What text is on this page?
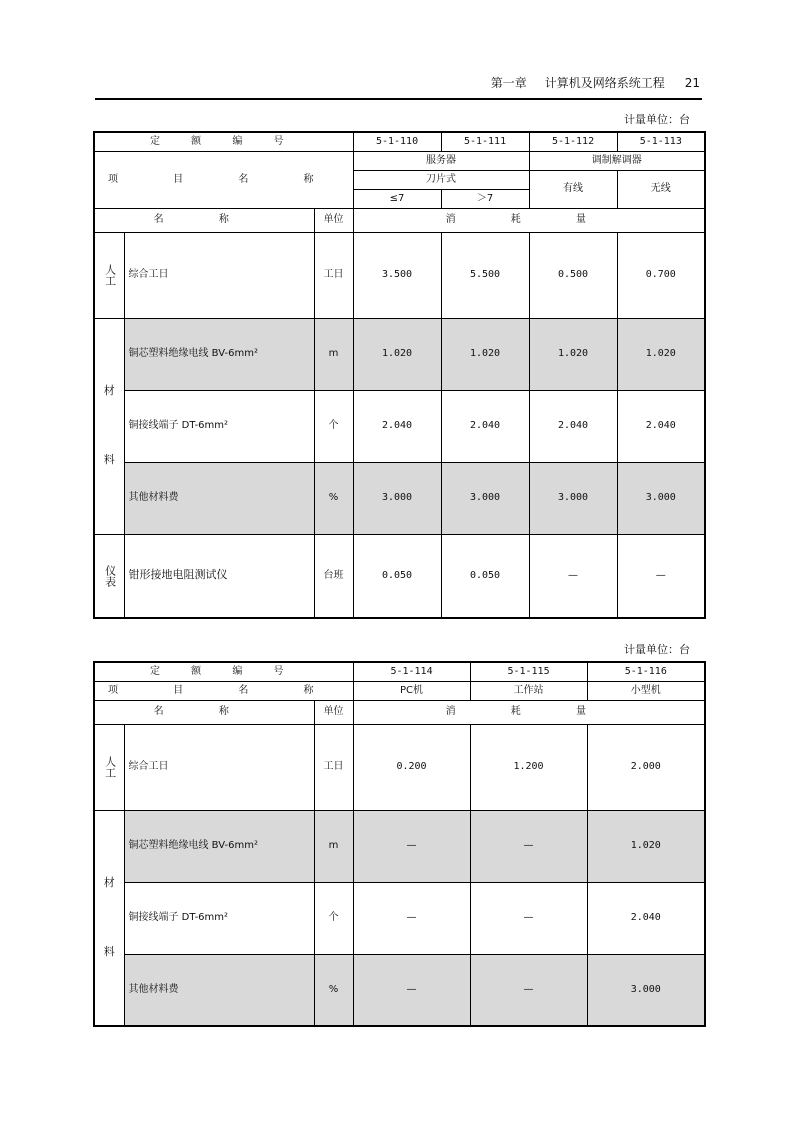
第一章 计算机及网络系统工程 21
计量单位：台
定 额 编 号			5-1-110	5-1-111	5-1-112	5-1-113
项 目 名 称			服务器		调制解调器	
			刀片式		有线	无线
			≤7	＞7		
名 称		单位	消 耗 量			
人工	综合工日	工日	3.500	5.500	0.500	0.700

材
料	铜芯塑料绝缘电线 BV-6mm²	m	1.020	1.020	1.020	1.020
	铜接线端子 DT-6mm²	个	2.040	2.040	2.040	2.040
	其他材料费	%	3.000	3.000	3.000	3.000
仪表	钳形接地电阻测试仪	台班	0.050	0.050	—	—
计量单位：台
定 额 编 号			5-1-114	5-1-115	5-1-116
项 目 名 称			PC机	工作站	小型机
名 称		单位	消 耗 量		
人工	综合工日	工日	0.200	1.200	2.000

材
料	铜芯塑料绝缘电线 BV-6mm²	m	—	—	1.020
	铜接线端子 DT-6mm²	个	—	—	2.040
	其他材料费	%	—	—	3.000
